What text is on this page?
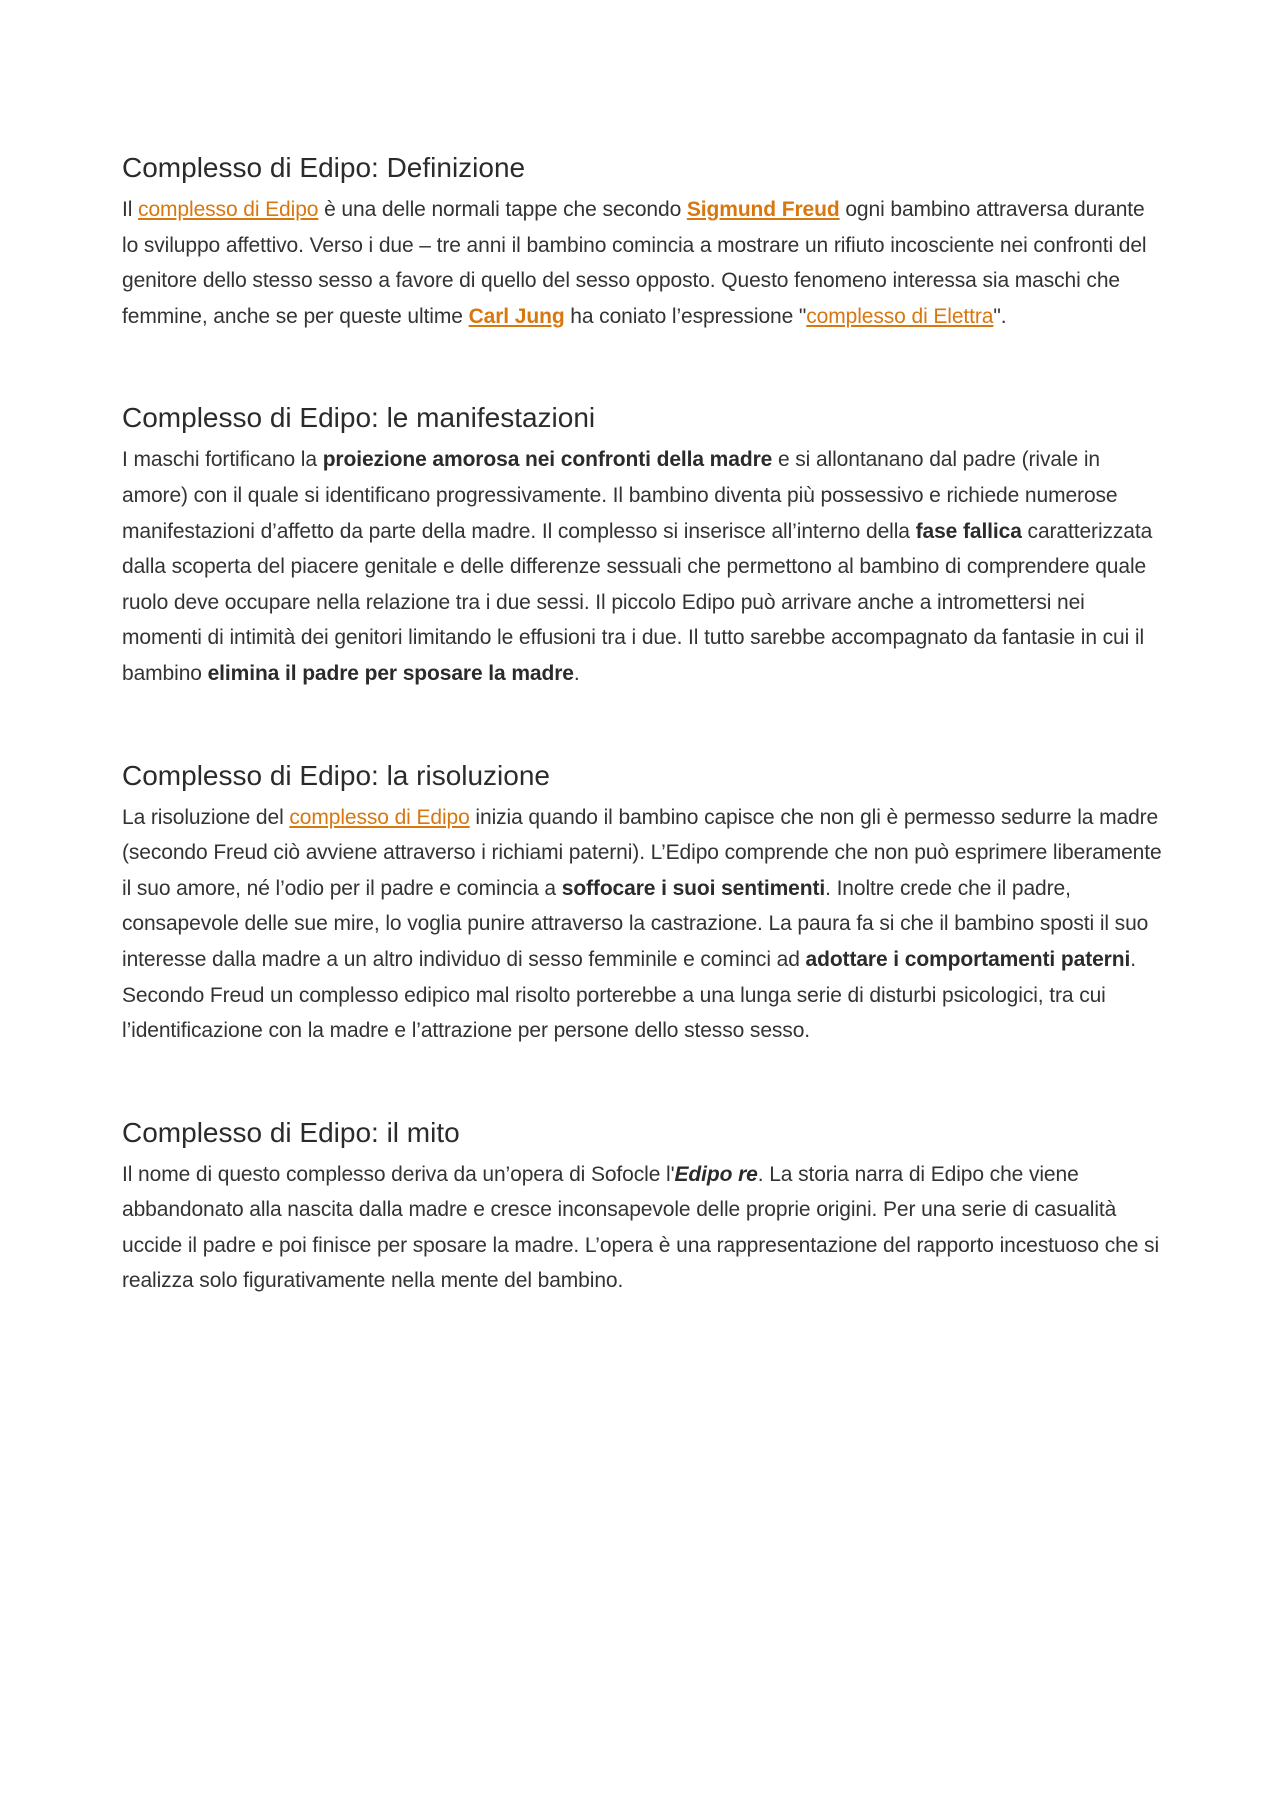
Complesso di Edipo: Definizione

Il complesso di Edipo è una delle normali tappe che secondo Sigmund Freud ogni bambino attraversa durante lo sviluppo affettivo. Verso i due – tre anni il bambino comincia a mostrare un rifiuto incosciente nei confronti del genitore dello stesso sesso a favore di quello del sesso opposto. Questo fenomeno interessa sia maschi che femmine, anche se per queste ultime Carl Jung ha coniato l’espressione "complesso di Elettra".

Complesso di Edipo: le manifestazioni

I maschi fortificano la proiezione amorosa nei confronti della madre e si allontanano dal padre (rivale in amore) con il quale si identificano progressivamente. Il bambino diventa più possessivo e richiede numerose manifestazioni d’affetto da parte della madre. Il complesso si inserisce all’interno della fase fallica caratterizzata dalla scoperta del piacere genitale e delle differenze sessuali che permettono al bambino di comprendere quale ruolo deve occupare nella relazione tra i due sessi. Il piccolo Edipo può arrivare anche a intromettersi nei momenti di intimità dei genitori limitando le effusioni tra i due. Il tutto sarebbe accompagnato da fantasie in cui il bambino elimina il padre per sposare la madre.

Complesso di Edipo: la risoluzione

La risoluzione del complesso di Edipo inizia quando il bambino capisce che non gli è permesso sedurre la madre (secondo Freud ciò avviene attraverso i richiami paterni). L’Edipo comprende che non può esprimere liberamente il suo amore, né l’odio per il padre e comincia a soffocare i suoi sentimenti. Inoltre crede che il padre, consapevole delle sue mire, lo voglia punire attraverso la castrazione. La paura fa si che il bambino sposti il suo interesse dalla madre a un altro individuo di sesso femminile e cominci ad adottare i comportamenti paterni. Secondo Freud un complesso edipico mal risolto porterebbe a una lunga serie di disturbi psicologici, tra cui l’identificazione con la madre e l’attrazione per persone dello stesso sesso.

Complesso di Edipo: il mito

Il nome di questo complesso deriva da un’opera di Sofocle l'Edipo re. La storia narra di Edipo che viene abbandonato alla nascita dalla madre e cresce inconsapevole delle proprie origini. Per una serie di casualità uccide il padre e poi finisce per sposare la madre. L’opera è una rappresentazione del rapporto incestuoso che si realizza solo figurativamente nella mente del bambino.
